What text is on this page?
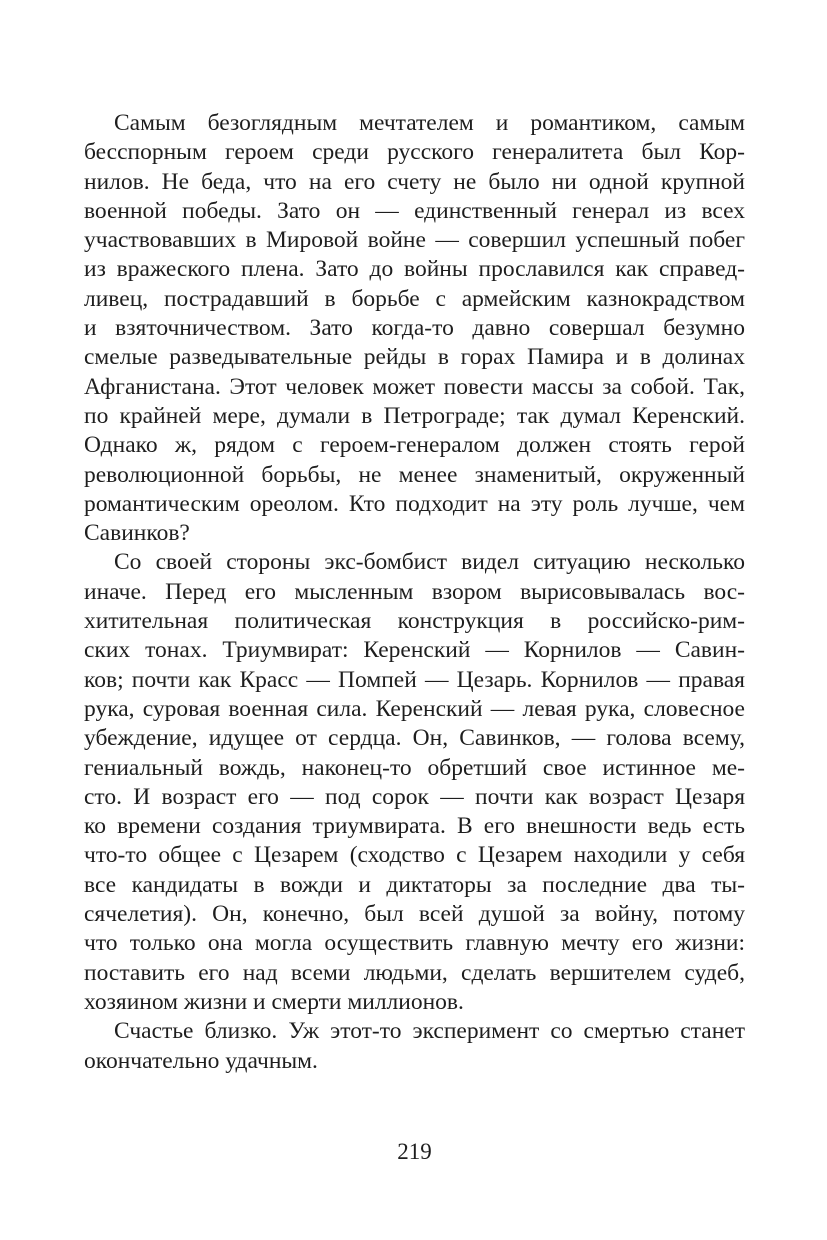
Самым безоглядным мечтателем и романтиком, самым
бесспорным героем среди русского генералитета был Кор-
нилов. Не беда, что на его счету не было ни одной крупной
военной победы. Зато он — единственный генерал из всех
участвовавших в Мировой войне — совершил успешный побег
из вражеского плена. Зато до войны прославился как справед-
ливец, пострадавший в борьбе с армейским казнокрадством
и взяточничеством. Зато когда-то давно совершал безумно
смелые разведывательные рейды в горах Памира и в долинах
Афганистана. Этот человек может повести массы за собой. Так,
по крайней мере, думали в Петрограде; так думал Керенский.
Однако ж, рядом с героем-генералом должен стоять герой
революционной борьбы, не менее знаменитый, окруженный
романтическим ореолом. Кто подходит на эту роль лучше, чем
Савинков?
Со своей стороны экс-бомбист видел ситуацию несколько
иначе. Перед его мысленным взором вырисовывалась вос-
хитительная политическая конструкция в российско-рим-
ских тонах. Триумвират: Керенский — Корнилов — Савин-
ков; почти как Красс — Помпей — Цезарь. Корнилов — правая
рука, суровая военная сила. Керенский — левая рука, словесное
убеждение, идущее от сердца. Он, Савинков, — голова всему,
гениальный вождь, наконец-то обретший свое истинное ме-
сто. И возраст его — под сорок — почти как возраст Цезаря
ко времени создания триумвирата. В его внешности ведь есть
что-то общее с Цезарем (сходство с Цезарем находили у себя
все кандидаты в вожди и диктаторы за последние два ты-
сячелетия). Он, конечно, был всей душой за войну, потому
что только она могла осуществить главную мечту его жизни:
поставить его над всеми людьми, сделать вершителем судеб,
хозяином жизни и смерти миллионов.
Счастье близко. Уж этот-то эксперимент со смертью станет
окончательно удачным.
219
